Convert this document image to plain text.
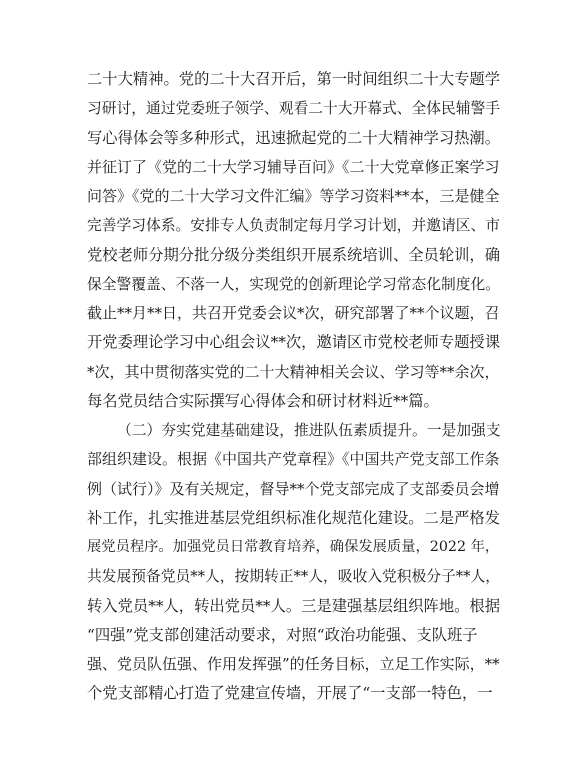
二十大精神。党的二十大召开后，第一时间组织二十大专题学
习研讨，通过党委班子领学、观看二十大开幕式、全体民辅警手
写心得体会等多种形式，迅速掀起党的二十大精神学习热潮。
并征订了《党的二十大学习辅导百问》《二十大党章修正案学习
问答》《党的二十大学习文件汇编》等学习资料**本，三是健全
完善学习体系。安排专人负责制定每月学习计划，并邀请区、市
党校老师分期分批分级分类组织开展系统培训、全员轮训，确
保全警覆盖、不落一人，实现党的创新理论学习常态化制度化。
截止**月**日，共召开党委会议*次，研究部署了**个议题，召
开党委理论学习中心组会议**次，邀请区市党校老师专题授课
*次，其中贯彻落实党的二十大精神相关会议、学习等**余次，
每名党员结合实际撰写心得体会和研讨材料近**篇。
（二）夯实党建基础建设，推进队伍素质提升。一是加强支
部组织建设。根据《中国共产党章程》《中国共产党支部工作条
例（试行）》及有关规定，督导**个党支部完成了支部委员会增
补工作，扎实推进基层党组织标准化规范化建设。二是严格发
展党员程序。加强党员日常教育培养，确保发展质量，2022 年，
共发展预备党员**人，按期转正**人，吸收入党积极分子**人，
转入党员**人，转出党员**人。三是建强基层组织阵地。根据
“四强”党支部创建活动要求，对照“政治功能强、支队班子
强、党员队伍强、作用发挥强”的任务目标，立足工作实际，**
个党支部精心打造了党建宣传墙，开展了“一支部一特色，一
